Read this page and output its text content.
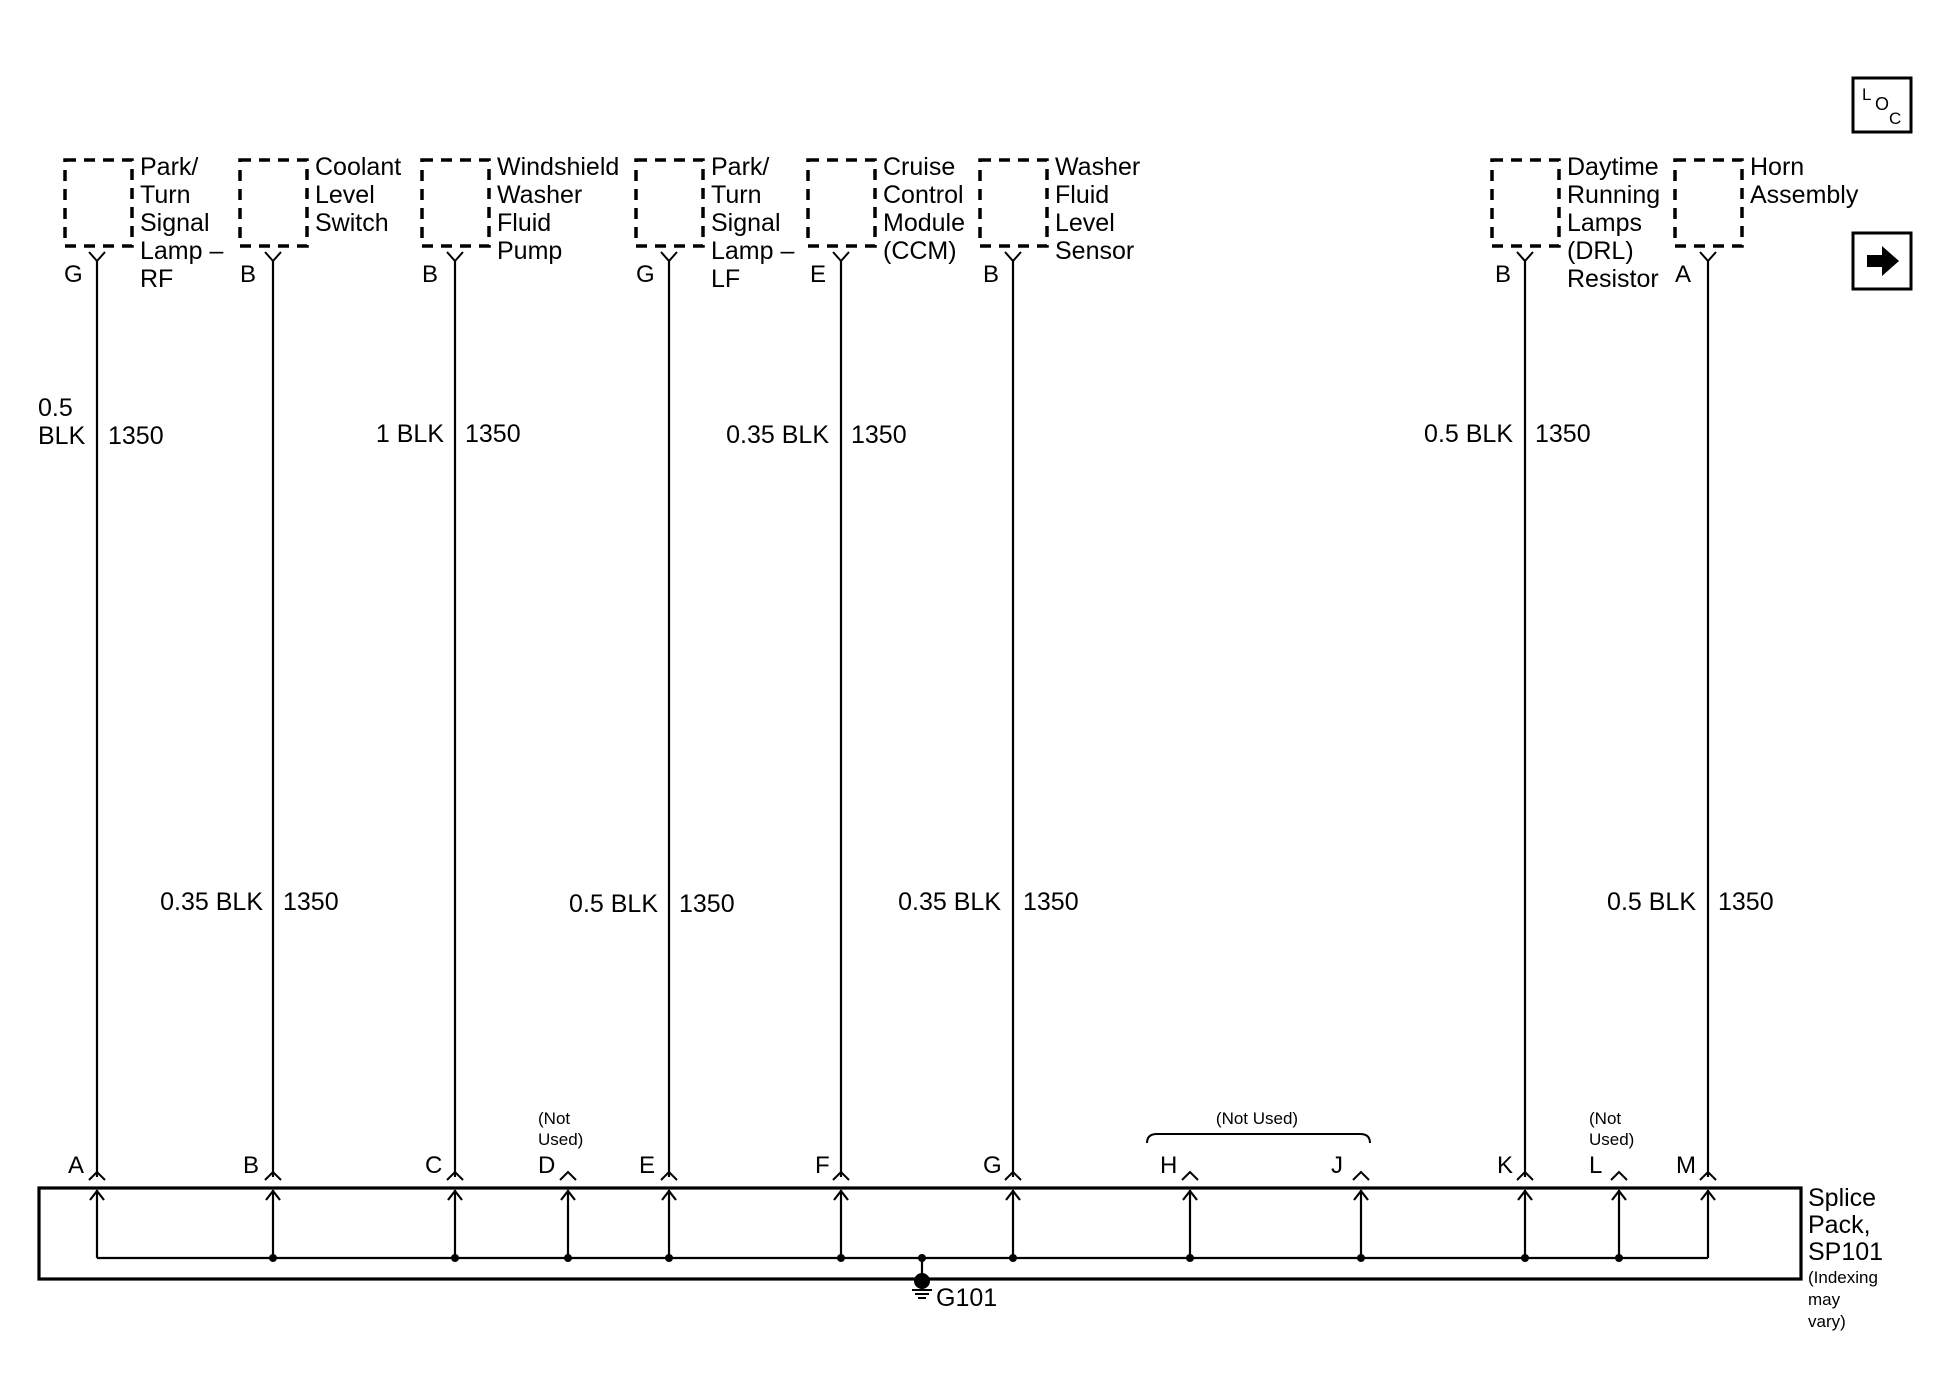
L O
C
Park/
Turn
Signal
Lamp –
RF
Coolant
Level
Switch
Windshield
Washer
Fluid
Pump
Park/
Turn
Signal
Lamp –
LF
Cruise
Control
Module
(CCM)
Washer
Fluid
Level
Sensor
Daytime
Running
Lamps
(DRL)
Resistor
Horn
Assembly
G	B	B	G	E	B	B	A
0.5
BLK 1350
0.35 BLK 1350
1 BLK 1350	0.35 BLK 1350
0.5 BLK 1350	0.35 BLK 1350
0.5 BLK 1350
0.5 BLK 1350
(Not
Used)
(Not Used)	(Not
Used)
A	B	C	D	E	F	G	H	J	K	L	M
G101
Splice
Pack,
SP101
(Indexing
may
vary)
